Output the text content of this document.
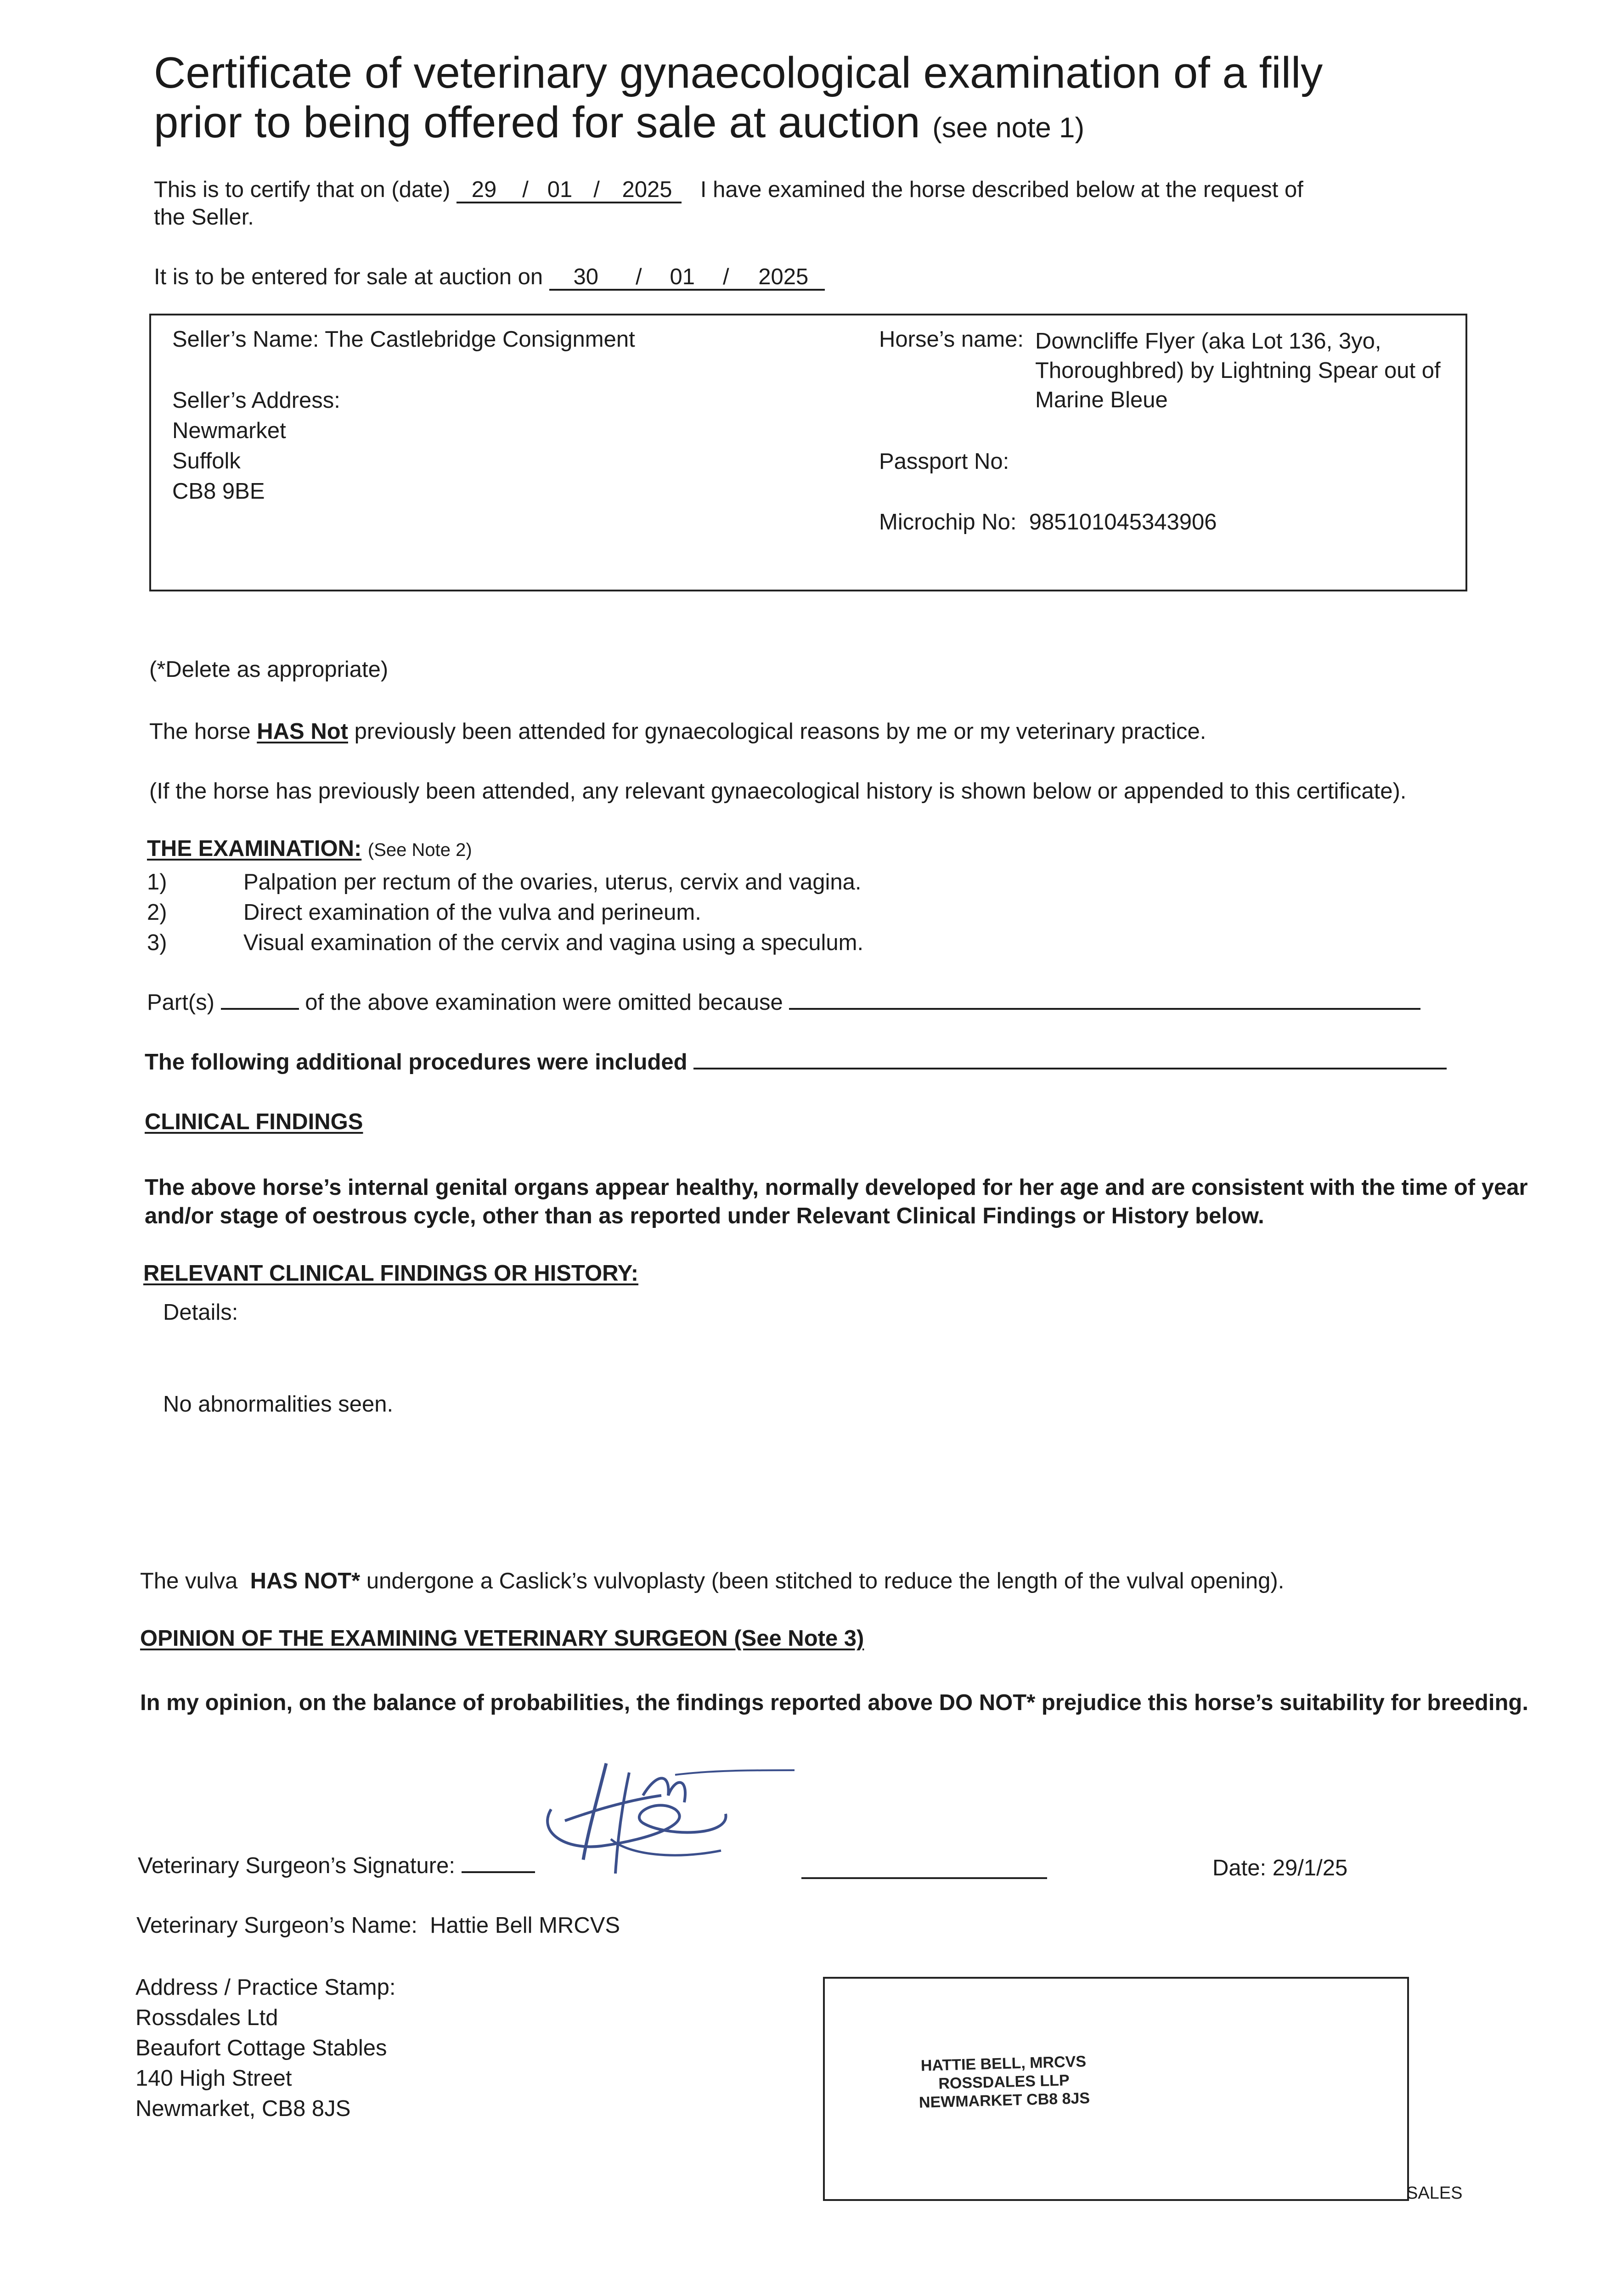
Certificate of veterinary gynaecological examination of a filly
prior to being offered for sale at auction (see note 1)
This is to certify that on (date) 29 / 01 / 2025 I have examined the horse described below at the request of
the Seller.
It is to be entered for sale at auction on 30 / 01 / 2025
Seller’s Name: The Castlebridge Consignment
Seller’s Address:
Newmarket
Suffolk
CB8 9BE
Horse’s name: Downcliffe Flyer (aka Lot 136, 3yo,
Thoroughbred) by Lightning Spear out of
Marine Bleue
Passport No:
Microchip No: 985101045343906
(*Delete as appropriate)
The horse HAS Not previously been attended for gynaecological reasons by me or my veterinary practice.
(If the horse has previously been attended, any relevant gynaecological history is shown below or appended to this certificate).
THE EXAMINATION: (See Note 2)
1)	Palpation per rectum of the ovaries, uterus, cervix and vagina.
2)	Direct examination of the vulva and perineum.
3)	Visual examination of the cervix and vagina using a speculum.
Part(s)	of the above examination were omitted because
The following additional procedures were included
CLINICAL FINDINGS
The above horse’s internal genital organs appear healthy, normally developed for her age and are consistent with the time of year
and/or stage of oestrous cycle, other than as reported under Relevant Clinical Findings or History below.
RELEVANT CLINICAL FINDINGS OR HISTORY:
Details:
No abnormalities seen.
The vulva HAS NOT* undergone a Caslick’s vulvoplasty (been stitched to reduce the length of the vulval opening).
OPINION OF THE EXAMINING VETERINARY SURGEON (See Note 3)
In my opinion, on the balance of probabilities, the findings reported above DO NOT* prejudice this horse’s suitability for breeding.
Veterinary Surgeon’s Signature:	Date: 29/1/25
Veterinary Surgeon’s Name: Hattie Bell MRCVS
Address / Practice Stamp:
Rossdales Ltd
Beaufort Cottage Stables
140 High Street
Newmarket, CB8 8JS
HATTIE BELL, MRCVS
ROSSDALES LLP
NEWMARKET CB8 8JS
SALES
